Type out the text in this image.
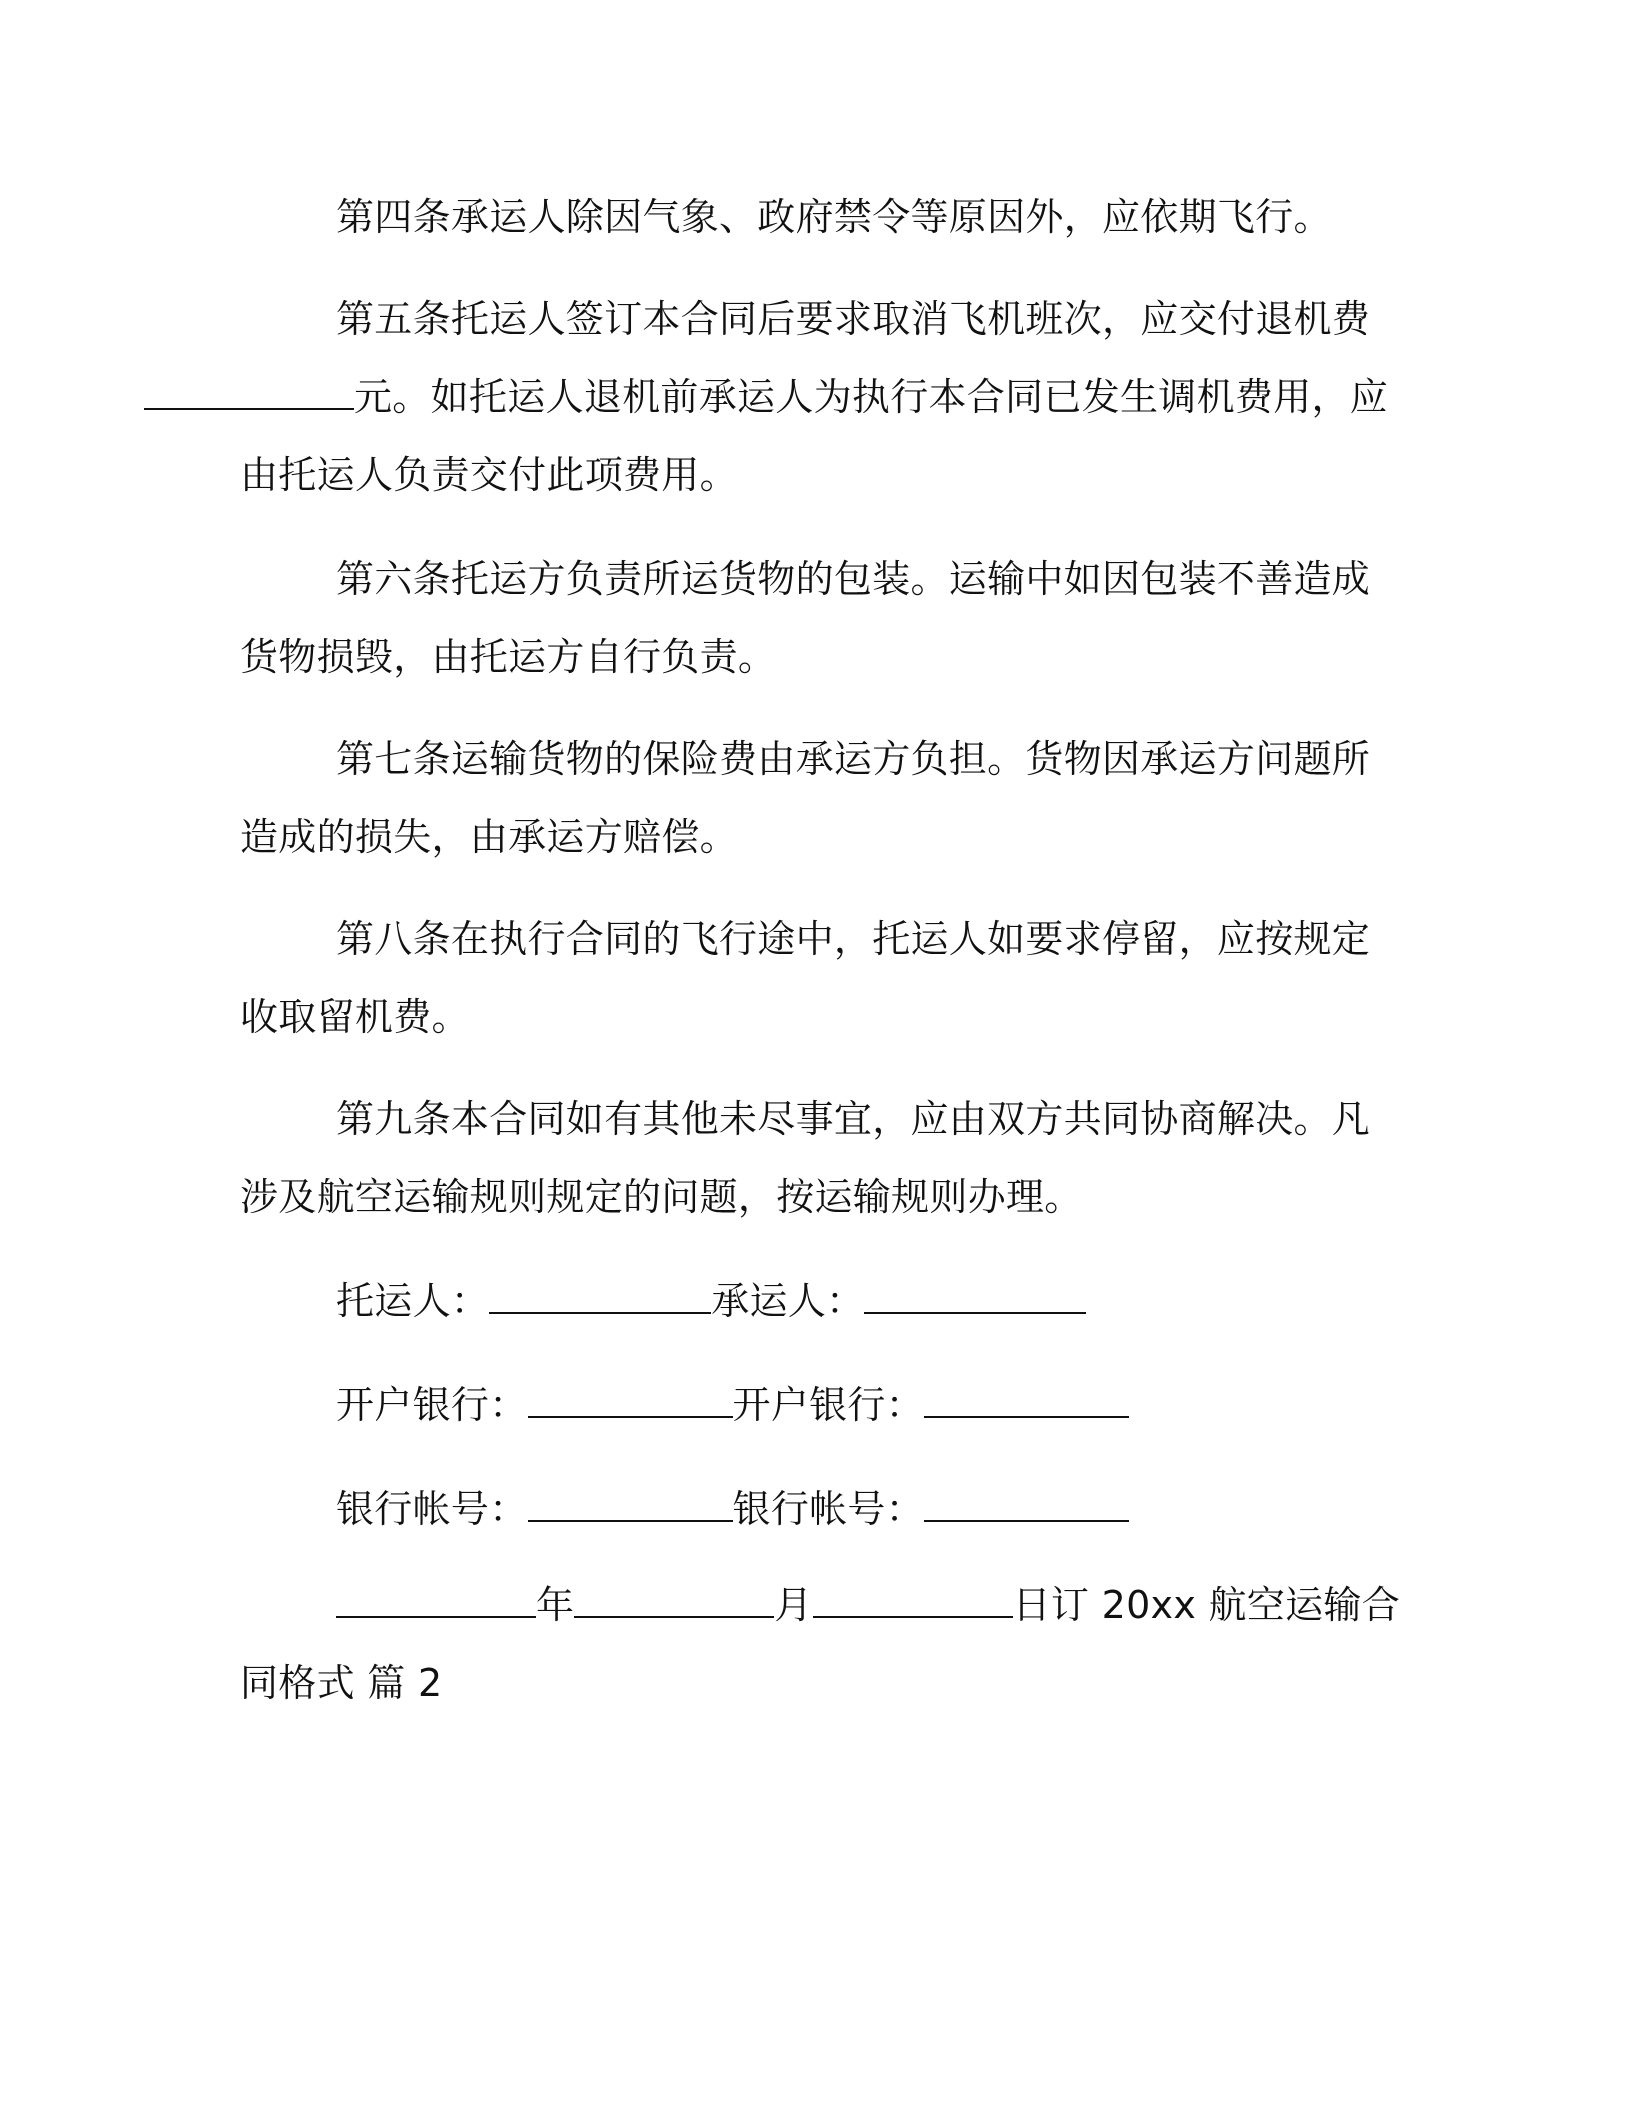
第四条承运人除因气象、政府禁令等原因外，应依期飞行。

第五条托运人签订本合同后要求取消飞机班次，应交付退机费
元。如托运人退机前承运人为执行本合同已发生调机费用，应由托运人负责交付此项费用。

第六条托运方负责所运货物的包装。运输中如因包装不善造成货物损毁，由托运方自行负责。

第七条运输货物的保险费由承运方负担。货物因承运方问题所造成的损失，由承运方赔偿。

第八条在执行合同的飞行途中，托运人如要求停留，应按规定收取留机费。

第九条本合同如有其他未尽事宜，应由双方共同协商解决。凡涉及航空运输规则规定的问题，按运输规则办理。

托运人：	承运人：
开户银行：	开户银行：
银行帐号：	银行帐号：

年	月	日订 20xx 航空运输合同格式 篇 2
